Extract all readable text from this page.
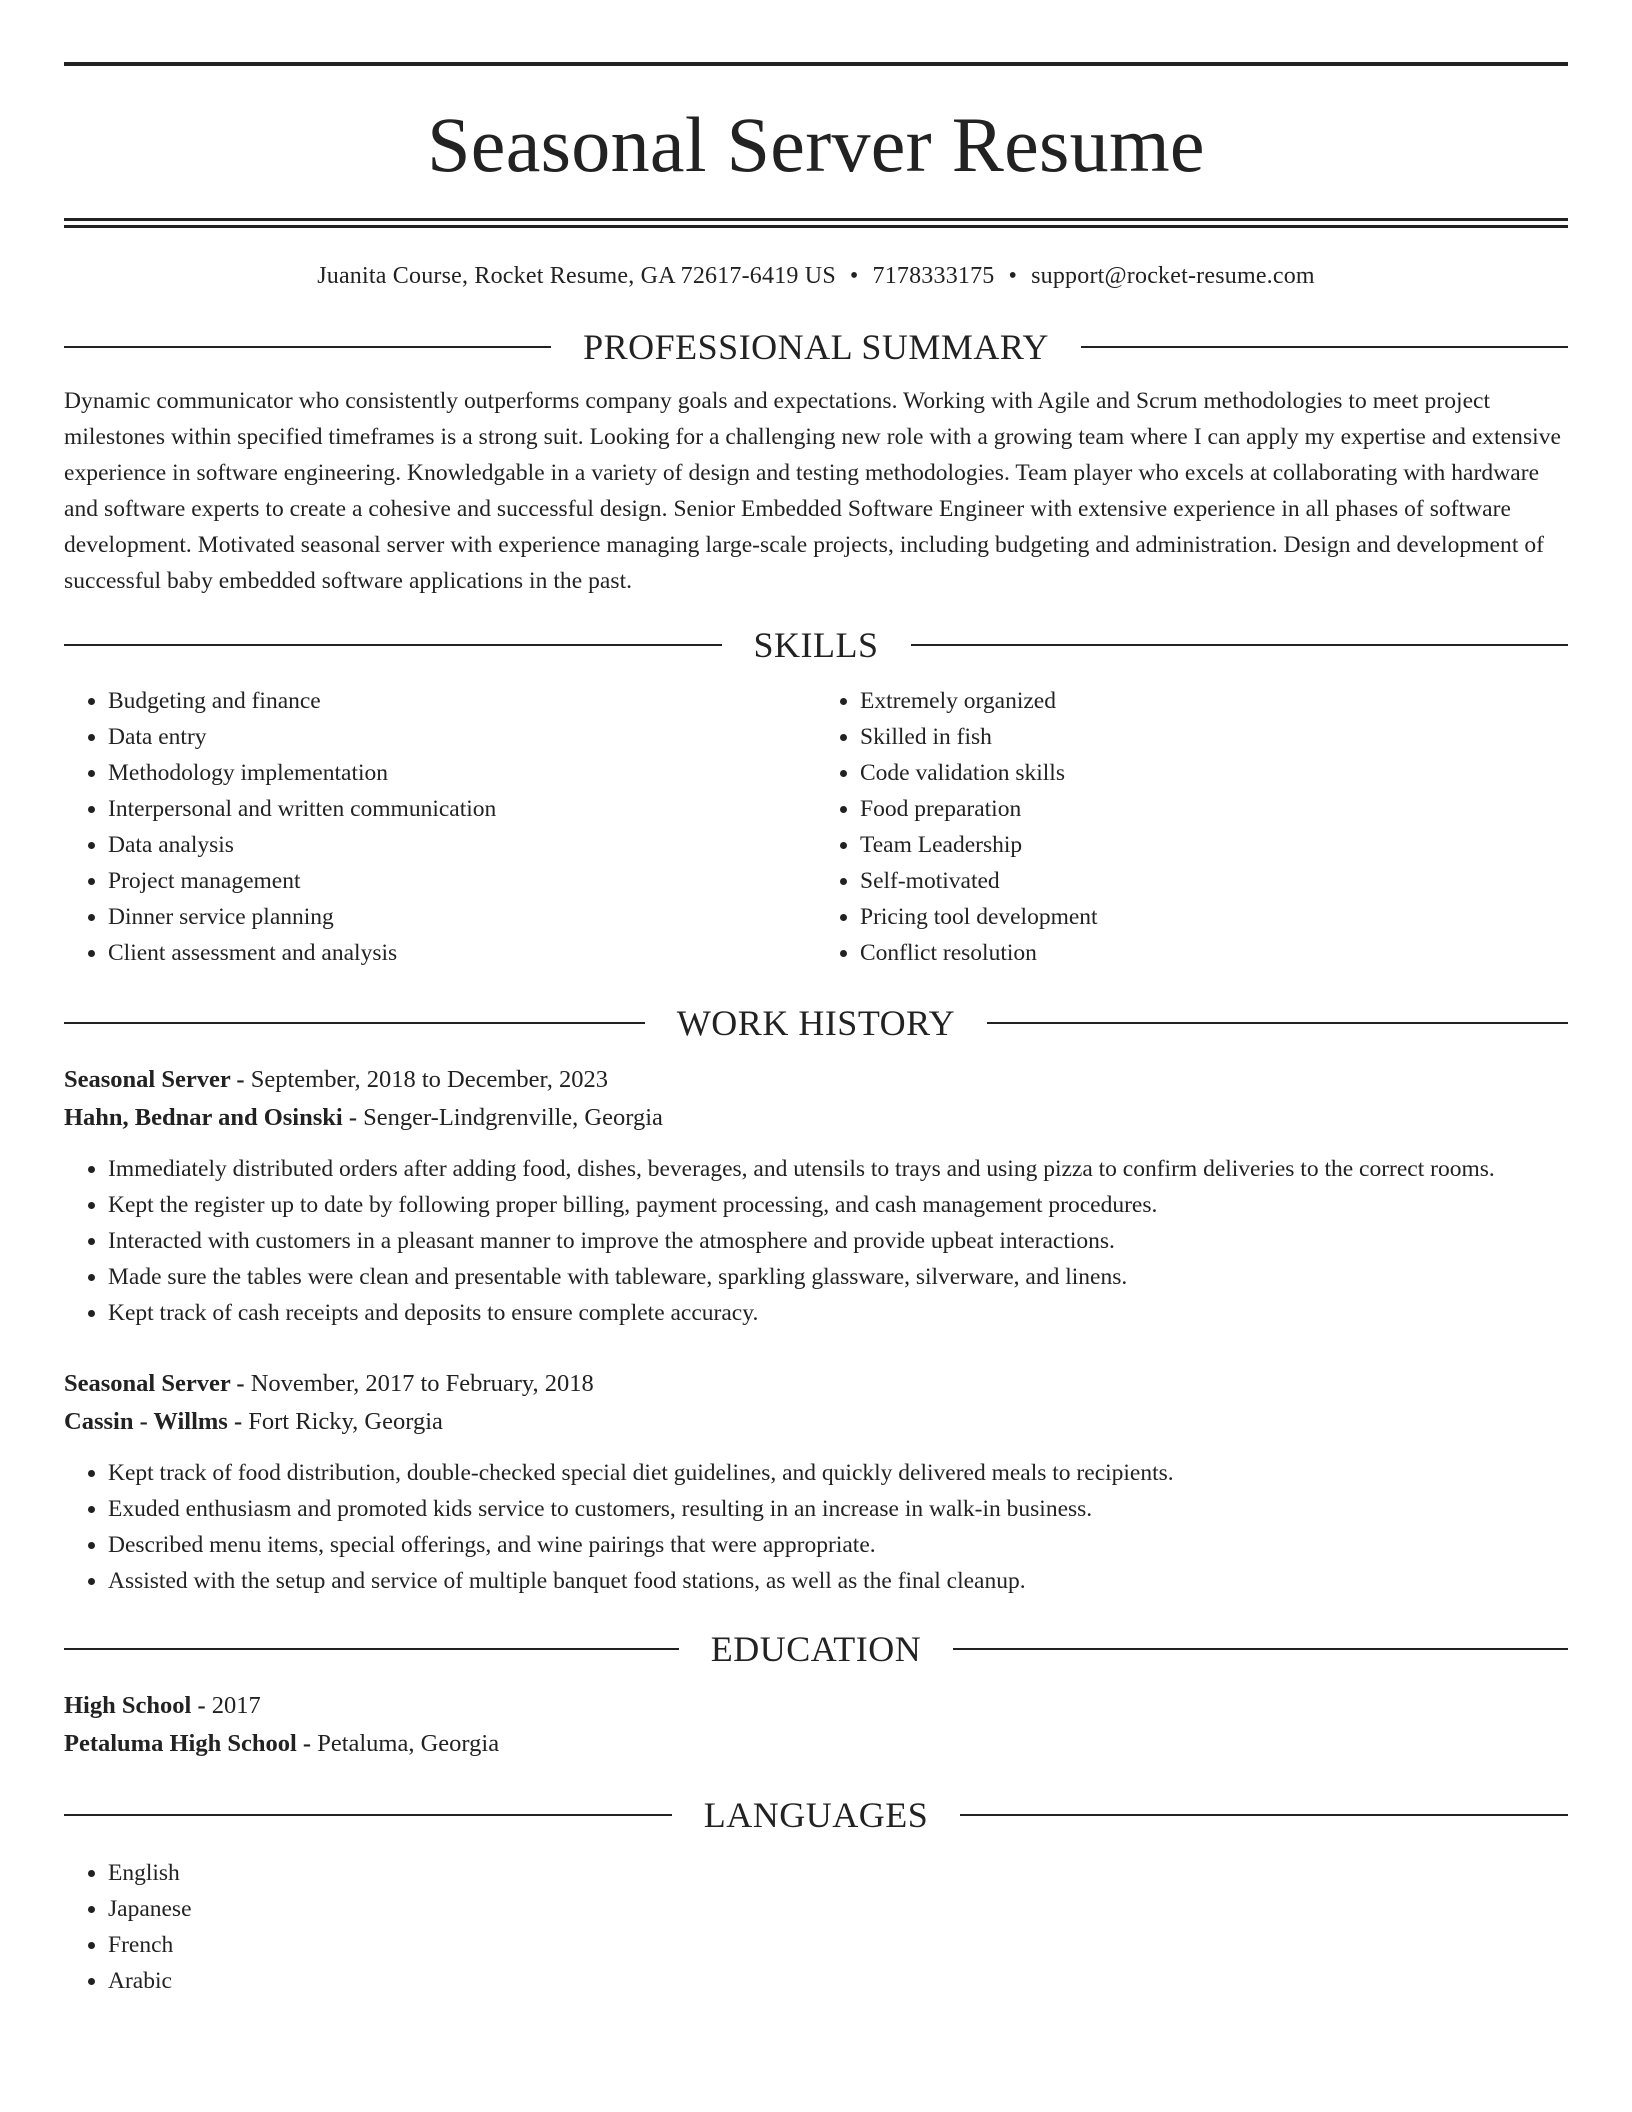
Seasonal Server Resume
Juanita Course, Rocket Resume, GA 72617-6419 US • 7178333175 • support@rocket-resume.com
PROFESSIONAL SUMMARY
Dynamic communicator who consistently outperforms company goals and expectations. Working with Agile and Scrum methodologies to meet project milestones within specified timeframes is a strong suit. Looking for a challenging new role with a growing team where I can apply my expertise and extensive experience in software engineering. Knowledgable in a variety of design and testing methodologies. Team player who excels at collaborating with hardware and software experts to create a cohesive and successful design. Senior Embedded Software Engineer with extensive experience in all phases of software development. Motivated seasonal server with experience managing large-scale projects, including budgeting and administration. Design and development of successful baby embedded software applications in the past.
SKILLS
• Budgeting and finance
• Data entry
• Methodology implementation
• Interpersonal and written communication
• Data analysis
• Project management
• Dinner service planning
• Client assessment and analysis
• Extremely organized
• Skilled in fish
• Code validation skills
• Food preparation
• Team Leadership
• Self-motivated
• Pricing tool development
• Conflict resolution
WORK HISTORY
Seasonal Server - September, 2018 to December, 2023
Hahn, Bednar and Osinski - Senger-Lindgrenville, Georgia
• Immediately distributed orders after adding food, dishes, beverages, and utensils to trays and using pizza to confirm deliveries to the correct rooms.
• Kept the register up to date by following proper billing, payment processing, and cash management procedures.
• Interacted with customers in a pleasant manner to improve the atmosphere and provide upbeat interactions.
• Made sure the tables were clean and presentable with tableware, sparkling glassware, silverware, and linens.
• Kept track of cash receipts and deposits to ensure complete accuracy.
Seasonal Server - November, 2017 to February, 2018
Cassin - Willms - Fort Ricky, Georgia
• Kept track of food distribution, double-checked special diet guidelines, and quickly delivered meals to recipients.
• Exuded enthusiasm and promoted kids service to customers, resulting in an increase in walk-in business.
• Described menu items, special offerings, and wine pairings that were appropriate.
• Assisted with the setup and service of multiple banquet food stations, as well as the final cleanup.
EDUCATION
High School - 2017
Petaluma High School - Petaluma, Georgia
LANGUAGES
• English
• Japanese
• French
• Arabic
